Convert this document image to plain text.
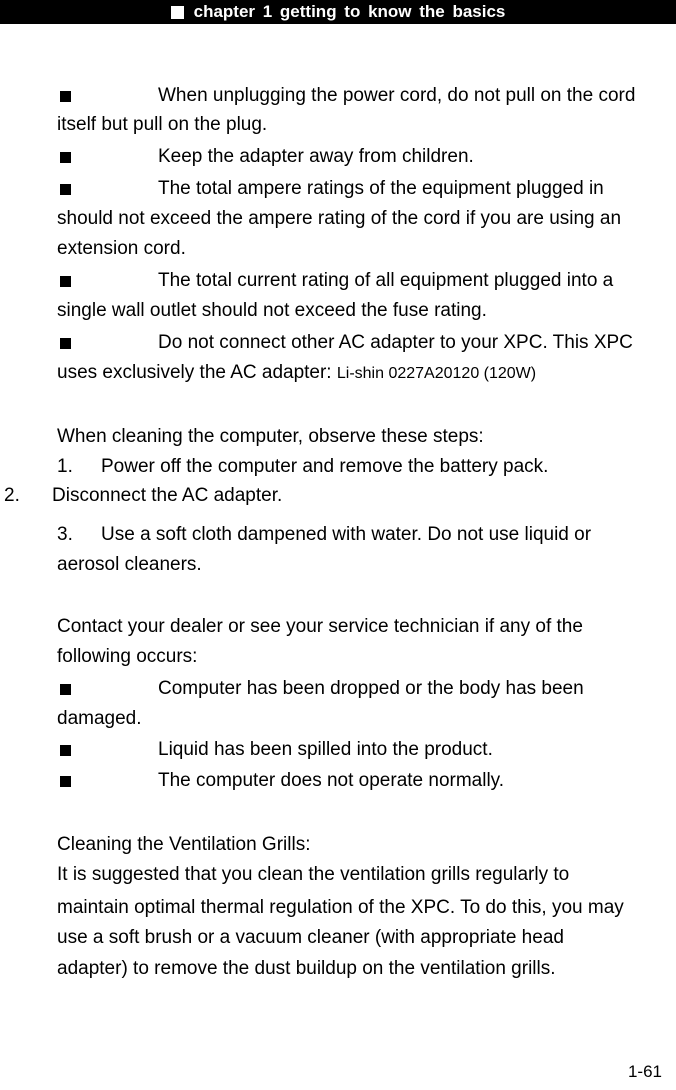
chapter 1 getting to know the basics
When unplugging the power cord, do not pull on the cord
itself but pull on the plug.
Keep the adapter away from children.
The total ampere ratings of the equipment plugged in
should not exceed the ampere rating of the cord if you are using an
extension cord.
The total current rating of all equipment plugged into a
single wall outlet should not exceed the fuse rating.
Do not connect other AC adapter to your XPC. This XPC
uses exclusively the AC adapter: Li-shin 0227A20120 (120W)
When cleaning the computer, observe these steps:
1. Power off the computer and remove the battery pack.
2. Disconnect the AC adapter.
3. Use a soft cloth dampened with water. Do not use liquid or
aerosol cleaners.
Contact your dealer or see your service technician if any of the
following occurs:
Computer has been dropped or the body has been
damaged.
Liquid has been spilled into the product.
The computer does not operate normally.
Cleaning the Ventilation Grills:
It is suggested that you clean the ventilation grills regularly to
maintain optimal thermal regulation of the XPC. To do this, you may
use a soft brush or a vacuum cleaner (with appropriate head
adapter) to remove the dust buildup on the ventilation grills.
1-61
